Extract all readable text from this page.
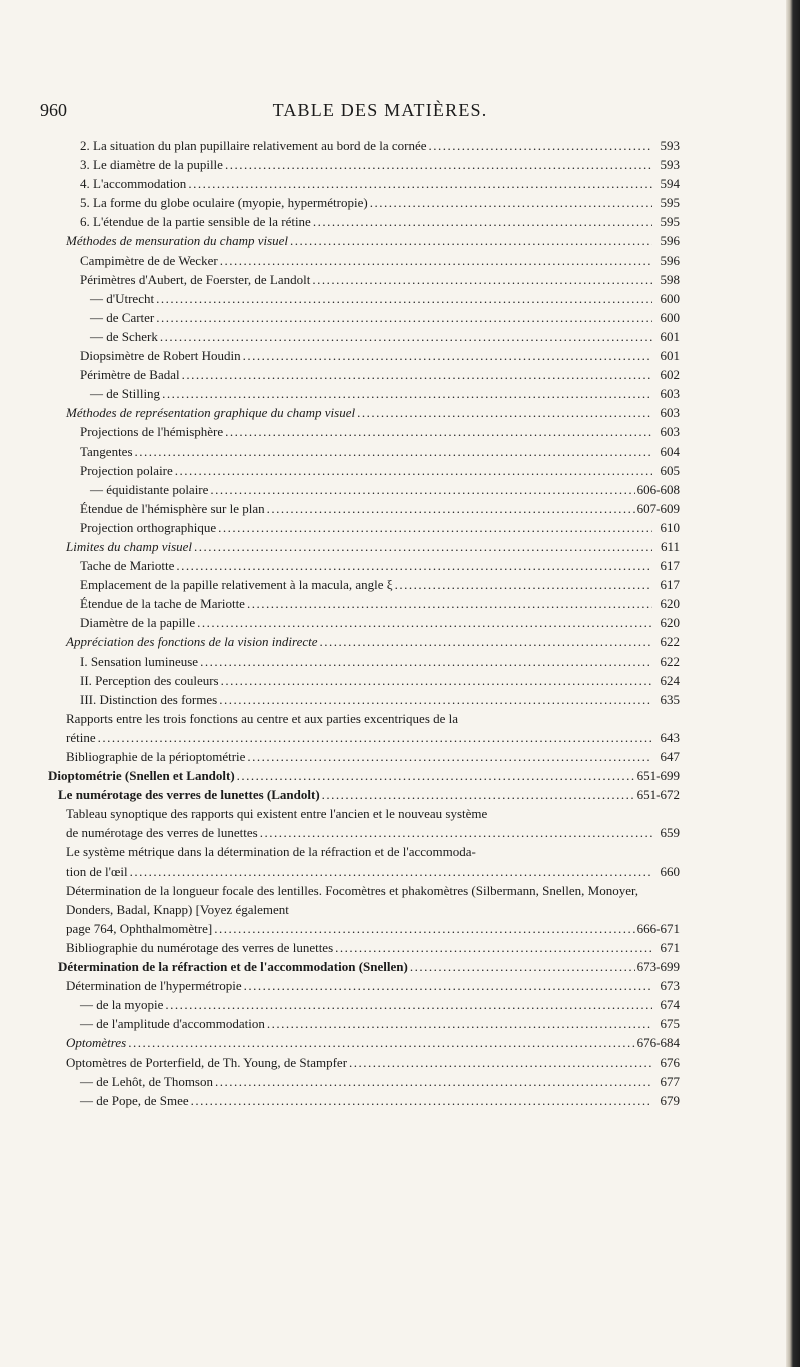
960	TABLE DES MATIÈRES.
2. La situation du plan pupillaire relativement au bord de la cornée .....	593
3. Le diamètre de la pupille .....	593
4. L'accommodation .....	594
5. La forme du globe oculaire (myopie, hypermétropie) .....	595
6. L'étendue de la partie sensible de la rétine .....	595
Méthodes de mensuration du champ visuel .....	596
Campimètre de de Wecker .....	596
Périmètres d'Aubert, de Foerster, de Landolt .....	598
— d'Utrecht .....	600
— de Carter .....	600
— de Scherk .....	601
Diopsimètre de Robert Houdin .....	601
Périmètre de Badal .....	602
— de Stilling .....	603
Méthodes de représentation graphique du champ visuel .....	603
Projections de l'hémisphère .....	603
Tangentes .....	604
Projection polaire .....	605
— équidistante polaire .....	606-608
Étendue de l'hémisphère sur le plan .....	607-609
Projection orthographique .....	610
Limites du champ visuel .....	611
Tache de Mariotte .....	617
Emplacement de la papille relativement à la macula, angle ξ .....	617
Étendue de la tache de Mariotte .....	620
Diamètre de la papille .....	620
Appréciation des fonctions de la vision indirecte .....	622
I. Sensation lumineuse .....	622
II. Perception des couleurs .....	624
III. Distinction des formes .....	635
Rapports entre les trois fonctions au centre et aux parties excentriques de la
rétine .....	643
Bibliographie de la périoptométrie .....	647
Dioptométrie (Snellen et Landolt) .....	651-699
Le numérotage des verres de lunettes (Landolt) .....	651-672
Tableau synoptique des rapports qui existent entre l'ancien et le nouveau système
de numérotage des verres de lunettes .....	659
Le système métrique dans la détermination de la réfraction et de l'accommoda-
tion de l'œil .....	660
Détermination de la longueur focale des lentilles. Focomètres et phakomètres (Silbermann, Snellen, Monoyer, Donders, Badal, Knapp) [Voyez également
page 764, Ophthalmomètre] .....	666-671
Bibliographie du numérotage des verres de lunettes .....	671
Détermination de la réfraction et de l'accommodation (Snellen) .....	673-699
Détermination de l'hypermétropie .....	673
— de la myopie .....	674
— de l'amplitude d'accommodation .....	675
Optomètres .....	676-684
Optomètres de Porterfield, de Th. Young, de Stampfer .....	676
— de Lehôt, de Thomson .....	677
— de Pope, de Smee .....	679
